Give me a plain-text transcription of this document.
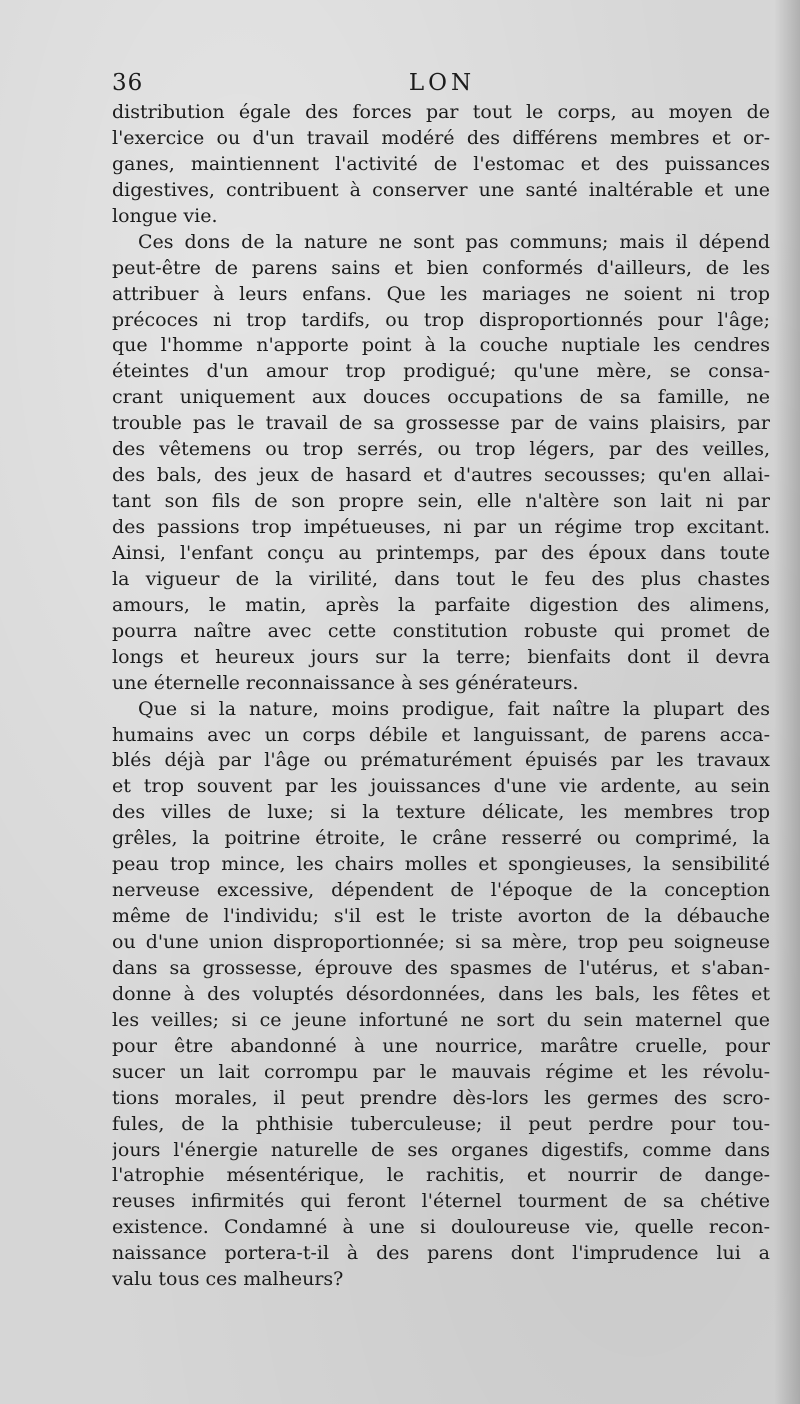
LON
36
distribution égale des forces par tout le corps, au moyen de
l'exercice ou d'un travail modéré des différens membres et or-
ganes, maintiennent l'activité de l'estomac et des puissances
digestives, contribuent à conserver une santé inaltérable et une
longue vie.
Ces dons de la nature ne sont pas communs; mais il dépend
peut-être de parens sains et bien conformés d'ailleurs, de les
attribuer à leurs enfans. Que les mariages ne soient ni trop
précoces ni trop tardifs, ou trop disproportionnés pour l'âge;
que l'homme n'apporte point à la couche nuptiale les cendres
éteintes d'un amour trop prodigué; qu'une mère, se consa-
crant uniquement aux douces occupations de sa famille, ne
trouble pas le travail de sa grossesse par de vains plaisirs, par
des vêtemens ou trop serrés, ou trop légers, par des veilles,
des bals, des jeux de hasard et d'autres secousses; qu'en allai-
tant son fils de son propre sein, elle n'altère son lait ni par
des passions trop impétueuses, ni par un régime trop excitant.
Ainsi, l'enfant conçu au printemps, par des époux dans toute
la vigueur de la virilité, dans tout le feu des plus chastes
amours, le matin, après la parfaite digestion des alimens,
pourra naître avec cette constitution robuste qui promet de
longs et heureux jours sur la terre; bienfaits dont il devra
une éternelle reconnaissance à ses générateurs.
Que si la nature, moins prodigue, fait naître la plupart des
humains avec un corps débile et languissant, de parens acca-
blés déjà par l'âge ou prématurément épuisés par les travaux
et trop souvent par les jouissances d'une vie ardente, au sein
des villes de luxe; si la texture délicate, les membres trop
grêles, la poitrine étroite, le crâne resserré ou comprimé, la
peau trop mince, les chairs molles et spongieuses, la sensibilité
nerveuse excessive, dépendent de l'époque de la conception
même de l'individu; s'il est le triste avorton de la débauche
ou d'une union disproportionnée; si sa mère, trop peu soigneuse
dans sa grossesse, éprouve des spasmes de l'utérus, et s'aban-
donne à des voluptés désordonnées, dans les bals, les fêtes et
les veilles; si ce jeune infortuné ne sort du sein maternel que
pour être abandonné à une nourrice, marâtre cruelle, pour
sucer un lait corrompu par le mauvais régime et les révolu-
tions morales, il peut prendre dès-lors les germes des scro-
fules, de la phthisie tuberculeuse; il peut perdre pour tou-
jours l'énergie naturelle de ses organes digestifs, comme dans
l'atrophie mésentérique, le rachitis, et nourrir de dange-
reuses infirmités qui feront l'éternel tourment de sa chétive
existence. Condamné à une si douloureuse vie, quelle recon-
naissance portera-t-il à des parens dont l'imprudence lui a
valu tous ces malheurs?
